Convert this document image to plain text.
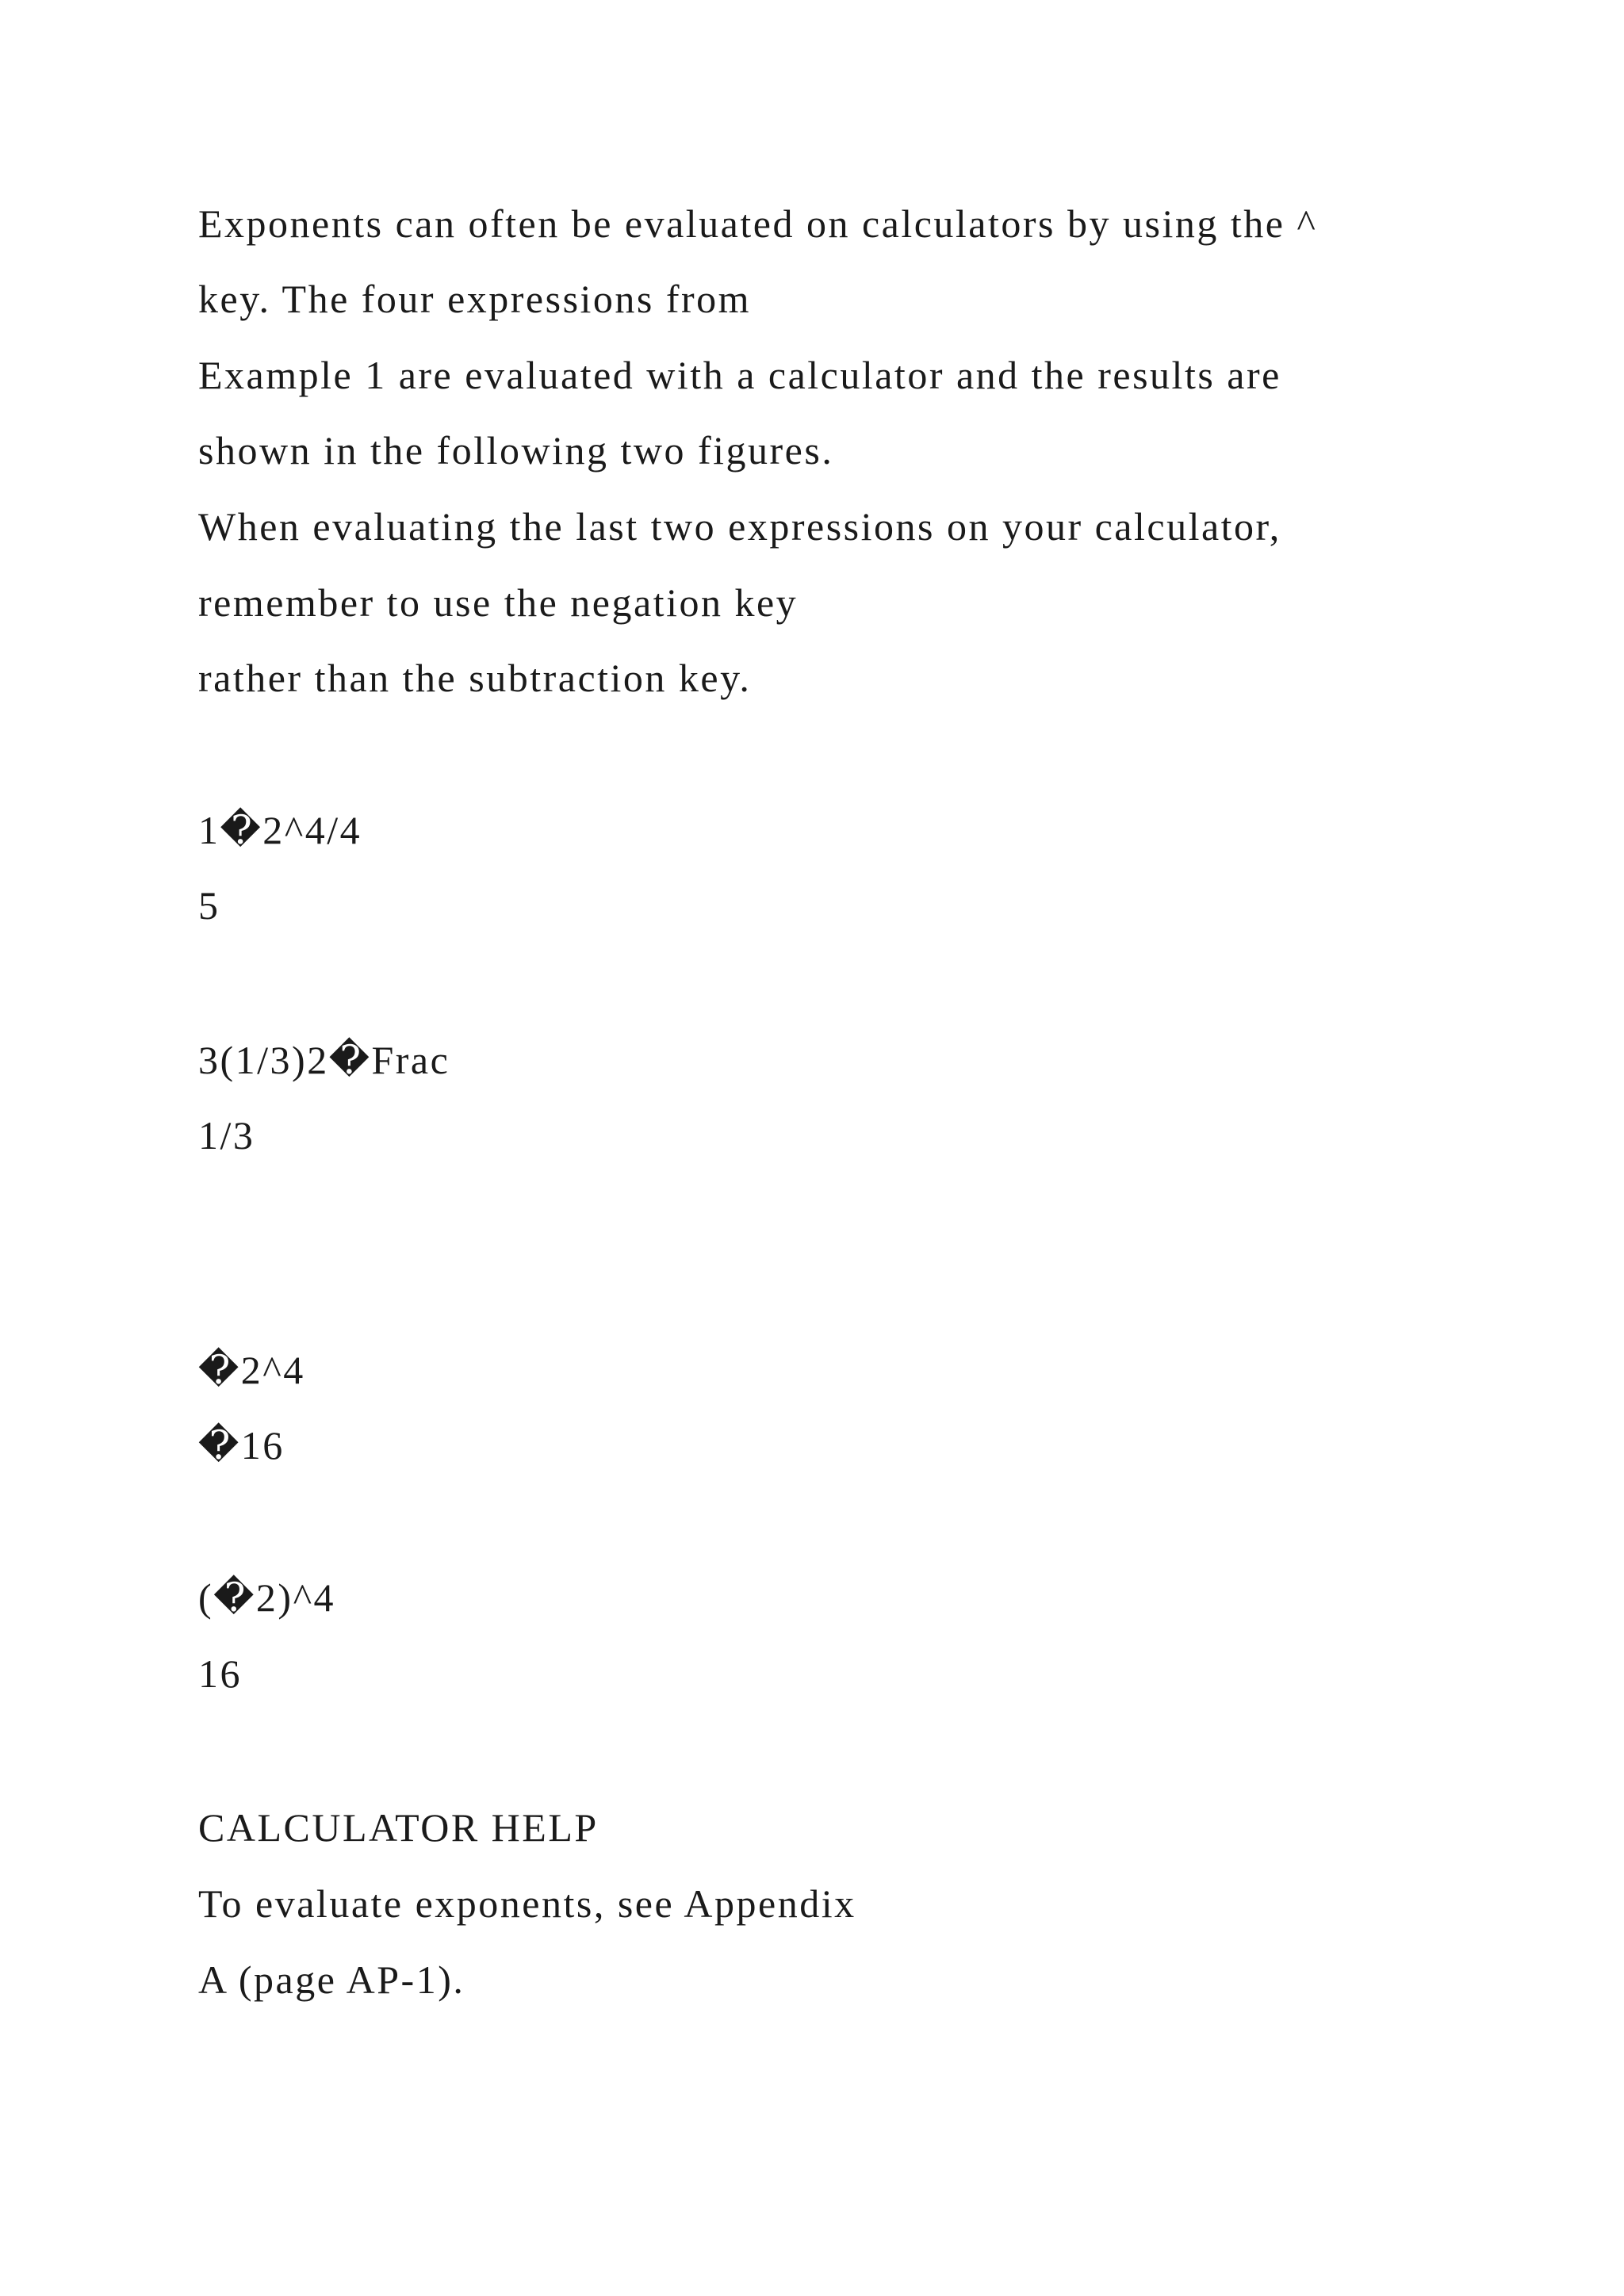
Exponents can often be evaluated on calculators by using the ^
key. The four expressions from
Example 1 are evaluated with a calculator and the results are
shown in the following two figures.
When evaluating the last two expressions on your calculator,
remember to use the negation key
rather than the subtraction key.
1�2^4/4
5
3(1/3)2�Frac
1/3
�2^4
�16
(�2)^4
16
CALCULATOR HELP
To evaluate exponents, see Appendix
A (page AP-1).
